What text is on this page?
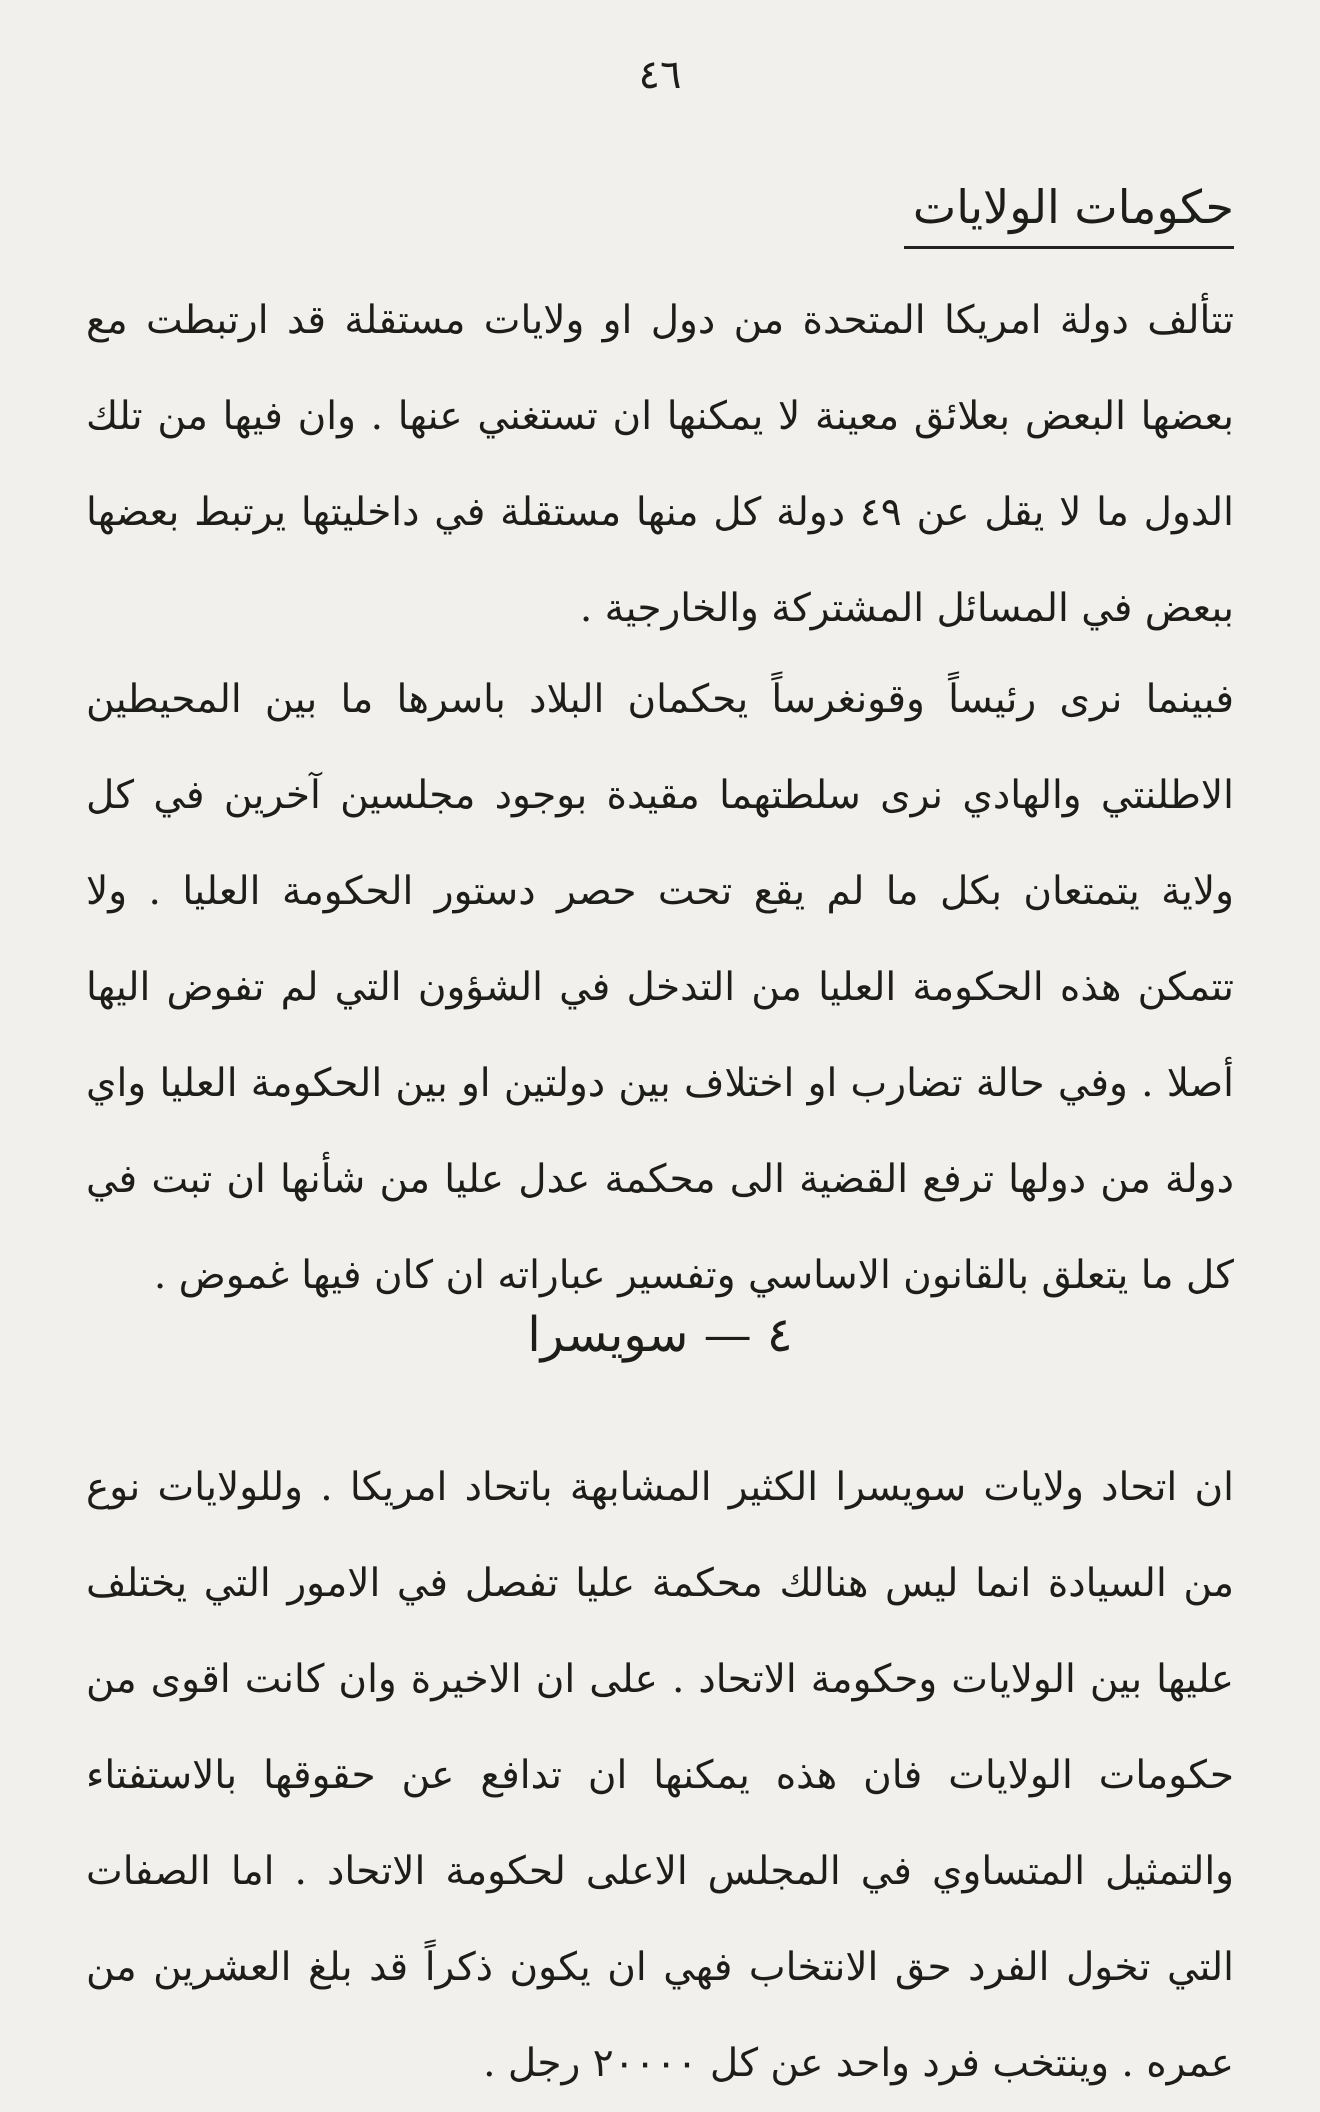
٤٦
حكومات الولايات

تتألف دولة امريكا المتحدة من دول او ولايات مستقلة قد ارتبطت مع بعضها البعض بعلائق معينة لا يمكنها ان تستغني عنها . وان فيها من تلك الدول ما لا يقل عن ٤٩ دولة كل منها مستقلة في داخليتها يرتبط بعضها ببعض في المسائل المشتركة والخارجية .

فبينما نرى رئيساً وقونغرساً يحكمان البلاد باسرها ما بين المحيطين الاطلنتي والهادي نرى سلطتهما مقيدة بوجود مجلسين آخرين في كل ولاية يتمتعان بكل ما لم يقع تحت حصر دستور الحكومة العليا . ولا تتمكن هذه الحكومة العليا من التدخل في الشؤون التي لم تفوض اليها أصلا . وفي حالة تضارب او اختلاف بين دولتين او بين الحكومة العليا واي دولة من دولها ترفع القضية الى محكمة عدل عليا من شأنها ان تبت في كل ما يتعلق بالقانون الاساسي وتفسير عباراته ان كان فيها غموض .

٤ — سويسرا

ان اتحاد ولايات سويسرا الكثير المشابهة باتحاد امريكا . وللولايات نوع من السيادة انما ليس هنالك محكمة عليا تفصل في الامور التي يختلف عليها بين الولايات وحكومة الاتحاد . على ان الاخيرة وان كانت اقوى من حكومات الولايات فان هذه يمكنها ان تدافع عن حقوقها بالاستفتاء والتمثيل المتساوي في المجلس الاعلى لحكومة الاتحاد . اما الصفات التي تخول الفرد حق الانتخاب فهي ان يكون ذكراً قد بلغ العشرين من عمره . وينتخب فرد واحد عن كل ٢٠٠٠٠ رجل .
